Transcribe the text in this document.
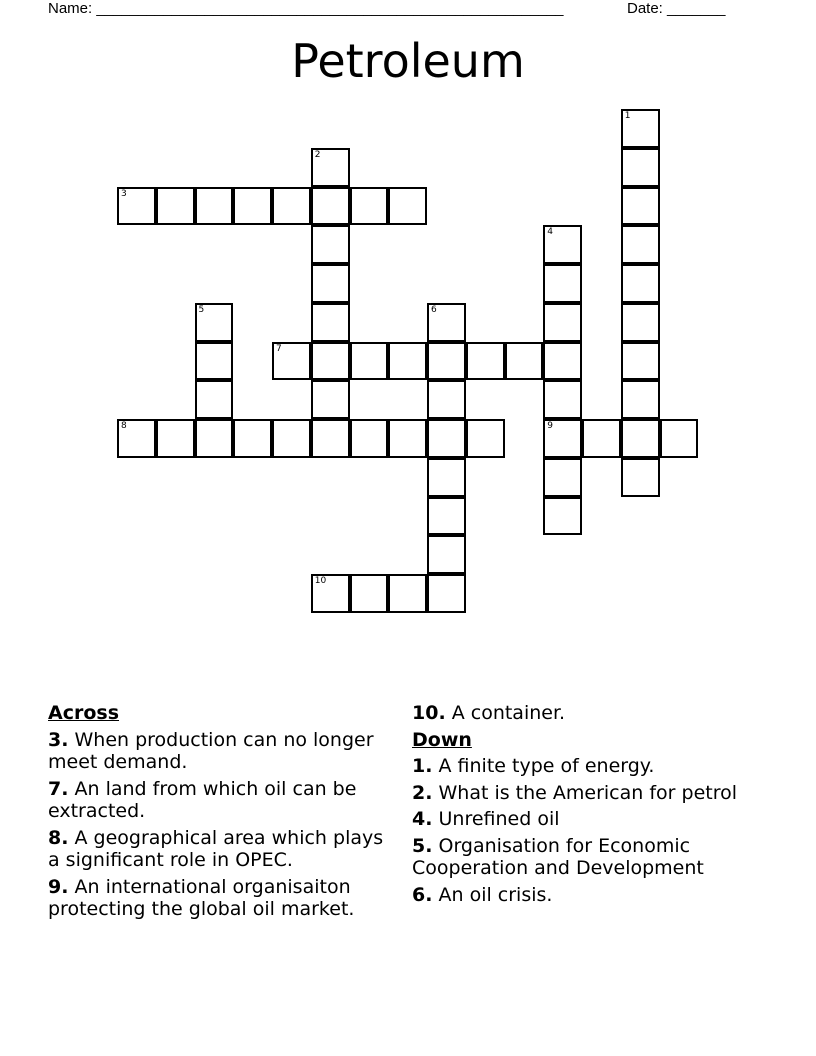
Name: ________________________________________________________	Date: _______
Petroleum
1
2
3
4
9
5	6
7
8
10
Across
3. When production can no longer meet demand.
7. An land from which oil can be extracted.
8. A geographical area which plays a significant role in OPEC.
9. An international organisaiton protecting the global oil market.
10. A container.
Down
1. A finite type of energy.
2. What is the American for petrol
4. Unrefined oil
5. Organisation for Economic Cooperation and Development
6. An oil crisis.
